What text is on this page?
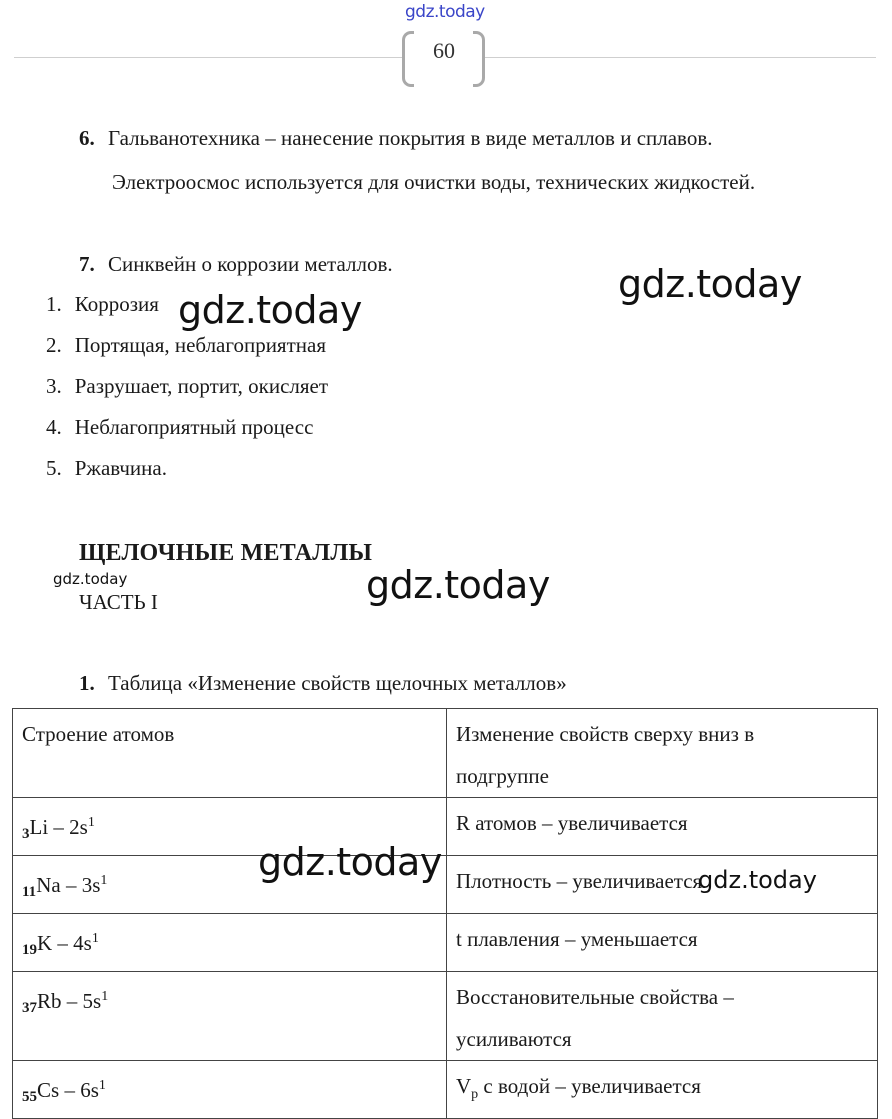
gdz.today
60
6. Гальванотехника – нанесение покрытия в виде металлов и сплавов.
Электроосмос используется для очистки воды, технических жидкостей.
7. Синквейн о коррозии металлов.
1. Коррозия
2. Портящая, неблагоприятная
3. Разрушает, портит, окисляет
4. Неблагоприятный процесс
5. Ржавчина.
ЩЕЛОЧНЫЕ МЕТАЛЛЫ
ЧАСТЬ I
1. Таблица «Изменение свойств щелочных металлов»
Строение атомов	Изменение свойств сверху вниз в
подгруппе
$_3Li - 2s^1$	R атомов – увеличивается
$_{11}Na - 3s^1$	Плотность – увеличивается
$_{19}K - 4s^1$	t плавления – уменьшается
$_{37}Rb - 5s^1$	Восстановительные свойства –
усиливаются
$_{55}Cs - 6s^1$	$V_р$ с водой – увеличивается
gdz.today
gdz.today
gdz.today	gdz.today
gdz.today	gdz.today
